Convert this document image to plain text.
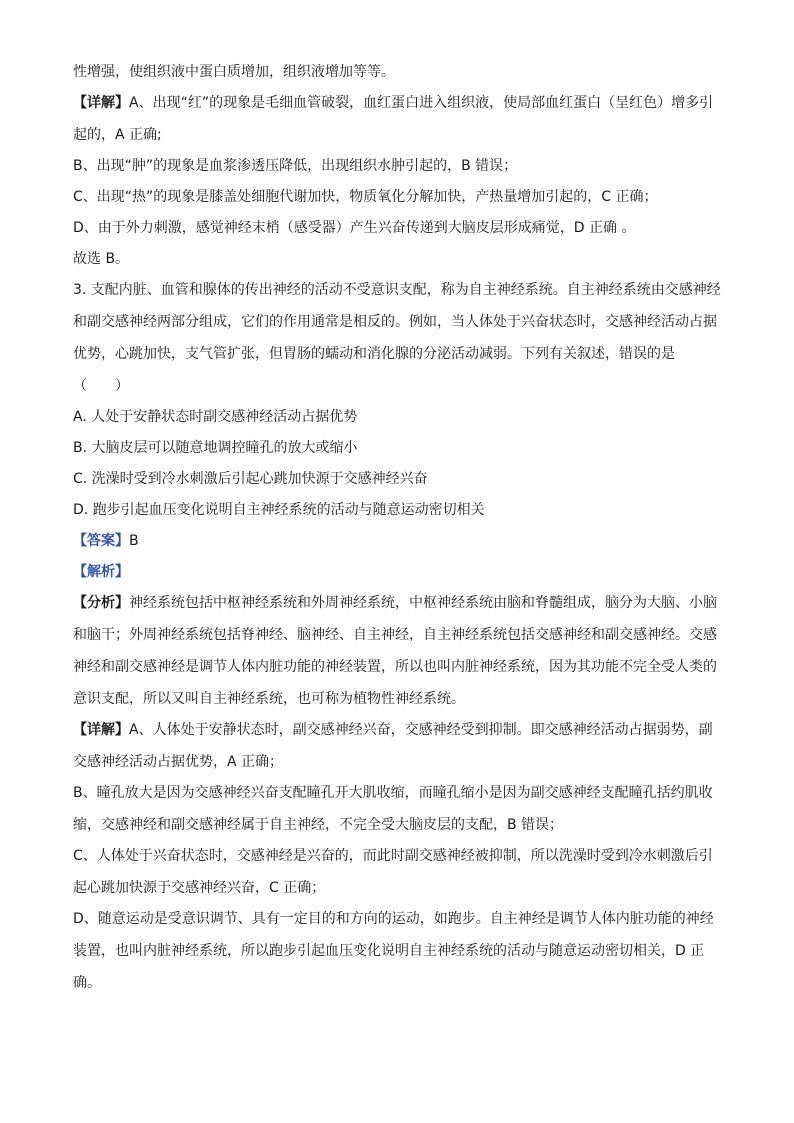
性增强，使组织液中蛋白质增加，组织液增加等等。
【详解】A、出现“红”的现象是毛细血管破裂，血红蛋白进入组织液，使局部血红蛋白（呈红色）增多引
起的，A 正确;
B、出现“肿”的现象是血浆渗透压降低，出现组织水肿引起的，B 错误；
C、出现“热”的现象是膝盖处细胞代谢加快，物质氧化分解加快，产热量增加引起的，C 正确；
D、由于外力刺激，感觉神经末梢（感受器）产生兴奋传递到大脑皮层形成痛觉，D 正确 。
故选 B。
3. 支配内脏、血管和腺体的传出神经的活动不受意识支配，称为自主神经系统。自主神经系统由交感神经
和副交感神经两部分组成，它们的作用通常是相反的。例如，当人体处于兴奋状态时，交感神经活动占据
优势，心跳加快，支气管扩张，但胃肠的蠕动和消化腺的分泌活动减弱。下列有关叙述，错误的是
（　　）
A. 人处于安静状态时副交感神经活动占据优势
B. 大脑皮层可以随意地调控瞳孔的放大或缩小
C. 洗澡时受到冷水刺激后引起心跳加快源于交感神经兴奋
D. 跑步引起血压变化说明自主神经系统的活动与随意运动密切相关
【答案】B
【解析】
【分析】神经系统包括中枢神经系统和外周神经系统，中枢神经系统由脑和脊髓组成，脑分为大脑、小脑
和脑干；外周神经系统包括脊神经、脑神经、自主神经，自主神经系统包括交感神经和副交感神经。交感
神经和副交感神经是调节人体内脏功能的神经装置，所以也叫内脏神经系统，因为其功能不完全受人类的
意识支配，所以又叫自主神经系统，也可称为植物性神经系统。
【详解】A、人体处于安静状态时，副交感神经兴奋，交感神经受到抑制。即交感神经活动占据弱势，副
交感神经活动占据优势，A 正确；
B、瞳孔放大是因为交感神经兴奋支配瞳孔开大肌收缩，而瞳孔缩小是因为副交感神经支配瞳孔括约肌收
缩，交感神经和副交感神经属于自主神经，不完全受大脑皮层的支配，B 错误；
C、人体处于兴奋状态时，交感神经是兴奋的，而此时副交感神经被抑制，所以洗澡时受到冷水刺激后引
起心跳加快源于交感神经兴奋，C 正确；
D、随意运动是受意识调节、具有一定目的和方向的运动，如跑步。自主神经是调节人体内脏功能的神经
装置，也叫内脏神经系统，所以跑步引起血压变化说明自主神经系统的活动与随意运动密切相关，D 正
确。
